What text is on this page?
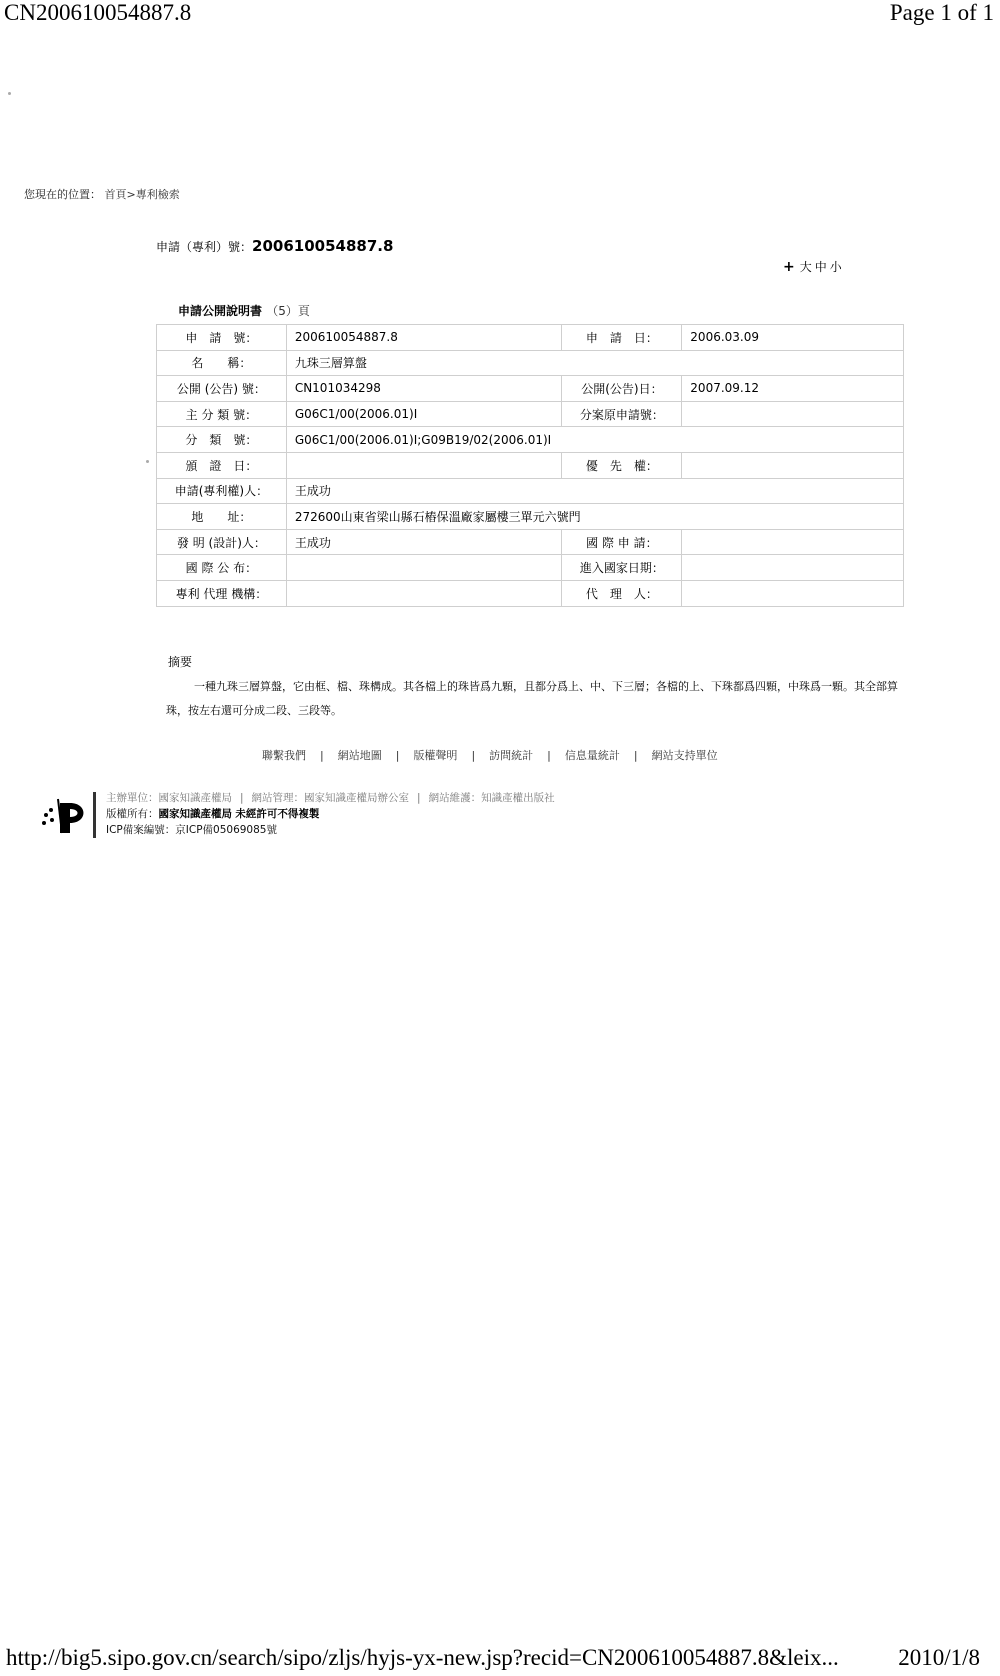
CN200610054887.8	Page 1 of 1
您現在的位置： 首頁>專利檢索
申請（專利）號：200610054887.8
+ 大中小
申請公開說明書 （5）頁
申　請　號：	200610054887.8	申　請　日：	2006.03.09
名　　稱：	九珠三層算盤		
公開 (公告) 號：	CN101034298	公開(公告)日：	2007.09.12
主 分 類 號：	G06C1/00(2006.01)I	分案原申請號：	
分　類　號：	G06C1/00(2006.01)I;G09B19/02(2006.01)I		
頒　證　日：		優　先　權：	
申請(專利權)人：	王成功		
地　　址：	272600山東省梁山縣石樁保溫廠家屬樓三單元六號門		
發 明 (設計)人：	王成功	國 際 申 請：	
國 際 公 布：		進入國家日期：	
專利 代理 機構：		代　理　人：	
摘要
一種九珠三層算盤，它由框、檔、珠構成。其各檔上的珠皆爲九顆，且都分爲上、中、下三層；各檔的上、下珠都爲四顆，中珠爲一顆。其全部算珠，按左右還可分成二段、三段等。
聯繫我們 | 網站地圖 | 版權聲明 | 訪問統計 | 信息量統計 | 網站支持單位
主辦單位：國家知識產權局 | 網站管理：國家知識產權局辦公室 | 網站維護：知識產權出版社
版權所有：國家知識產權局 未經許可不得複製
ICP備案編號：京ICP備05069085號
http://big5.sipo.gov.cn/search/sipo/zljs/hyjs-yx-new.jsp?recid=CN200610054887.8&leix...	2010/1/8
